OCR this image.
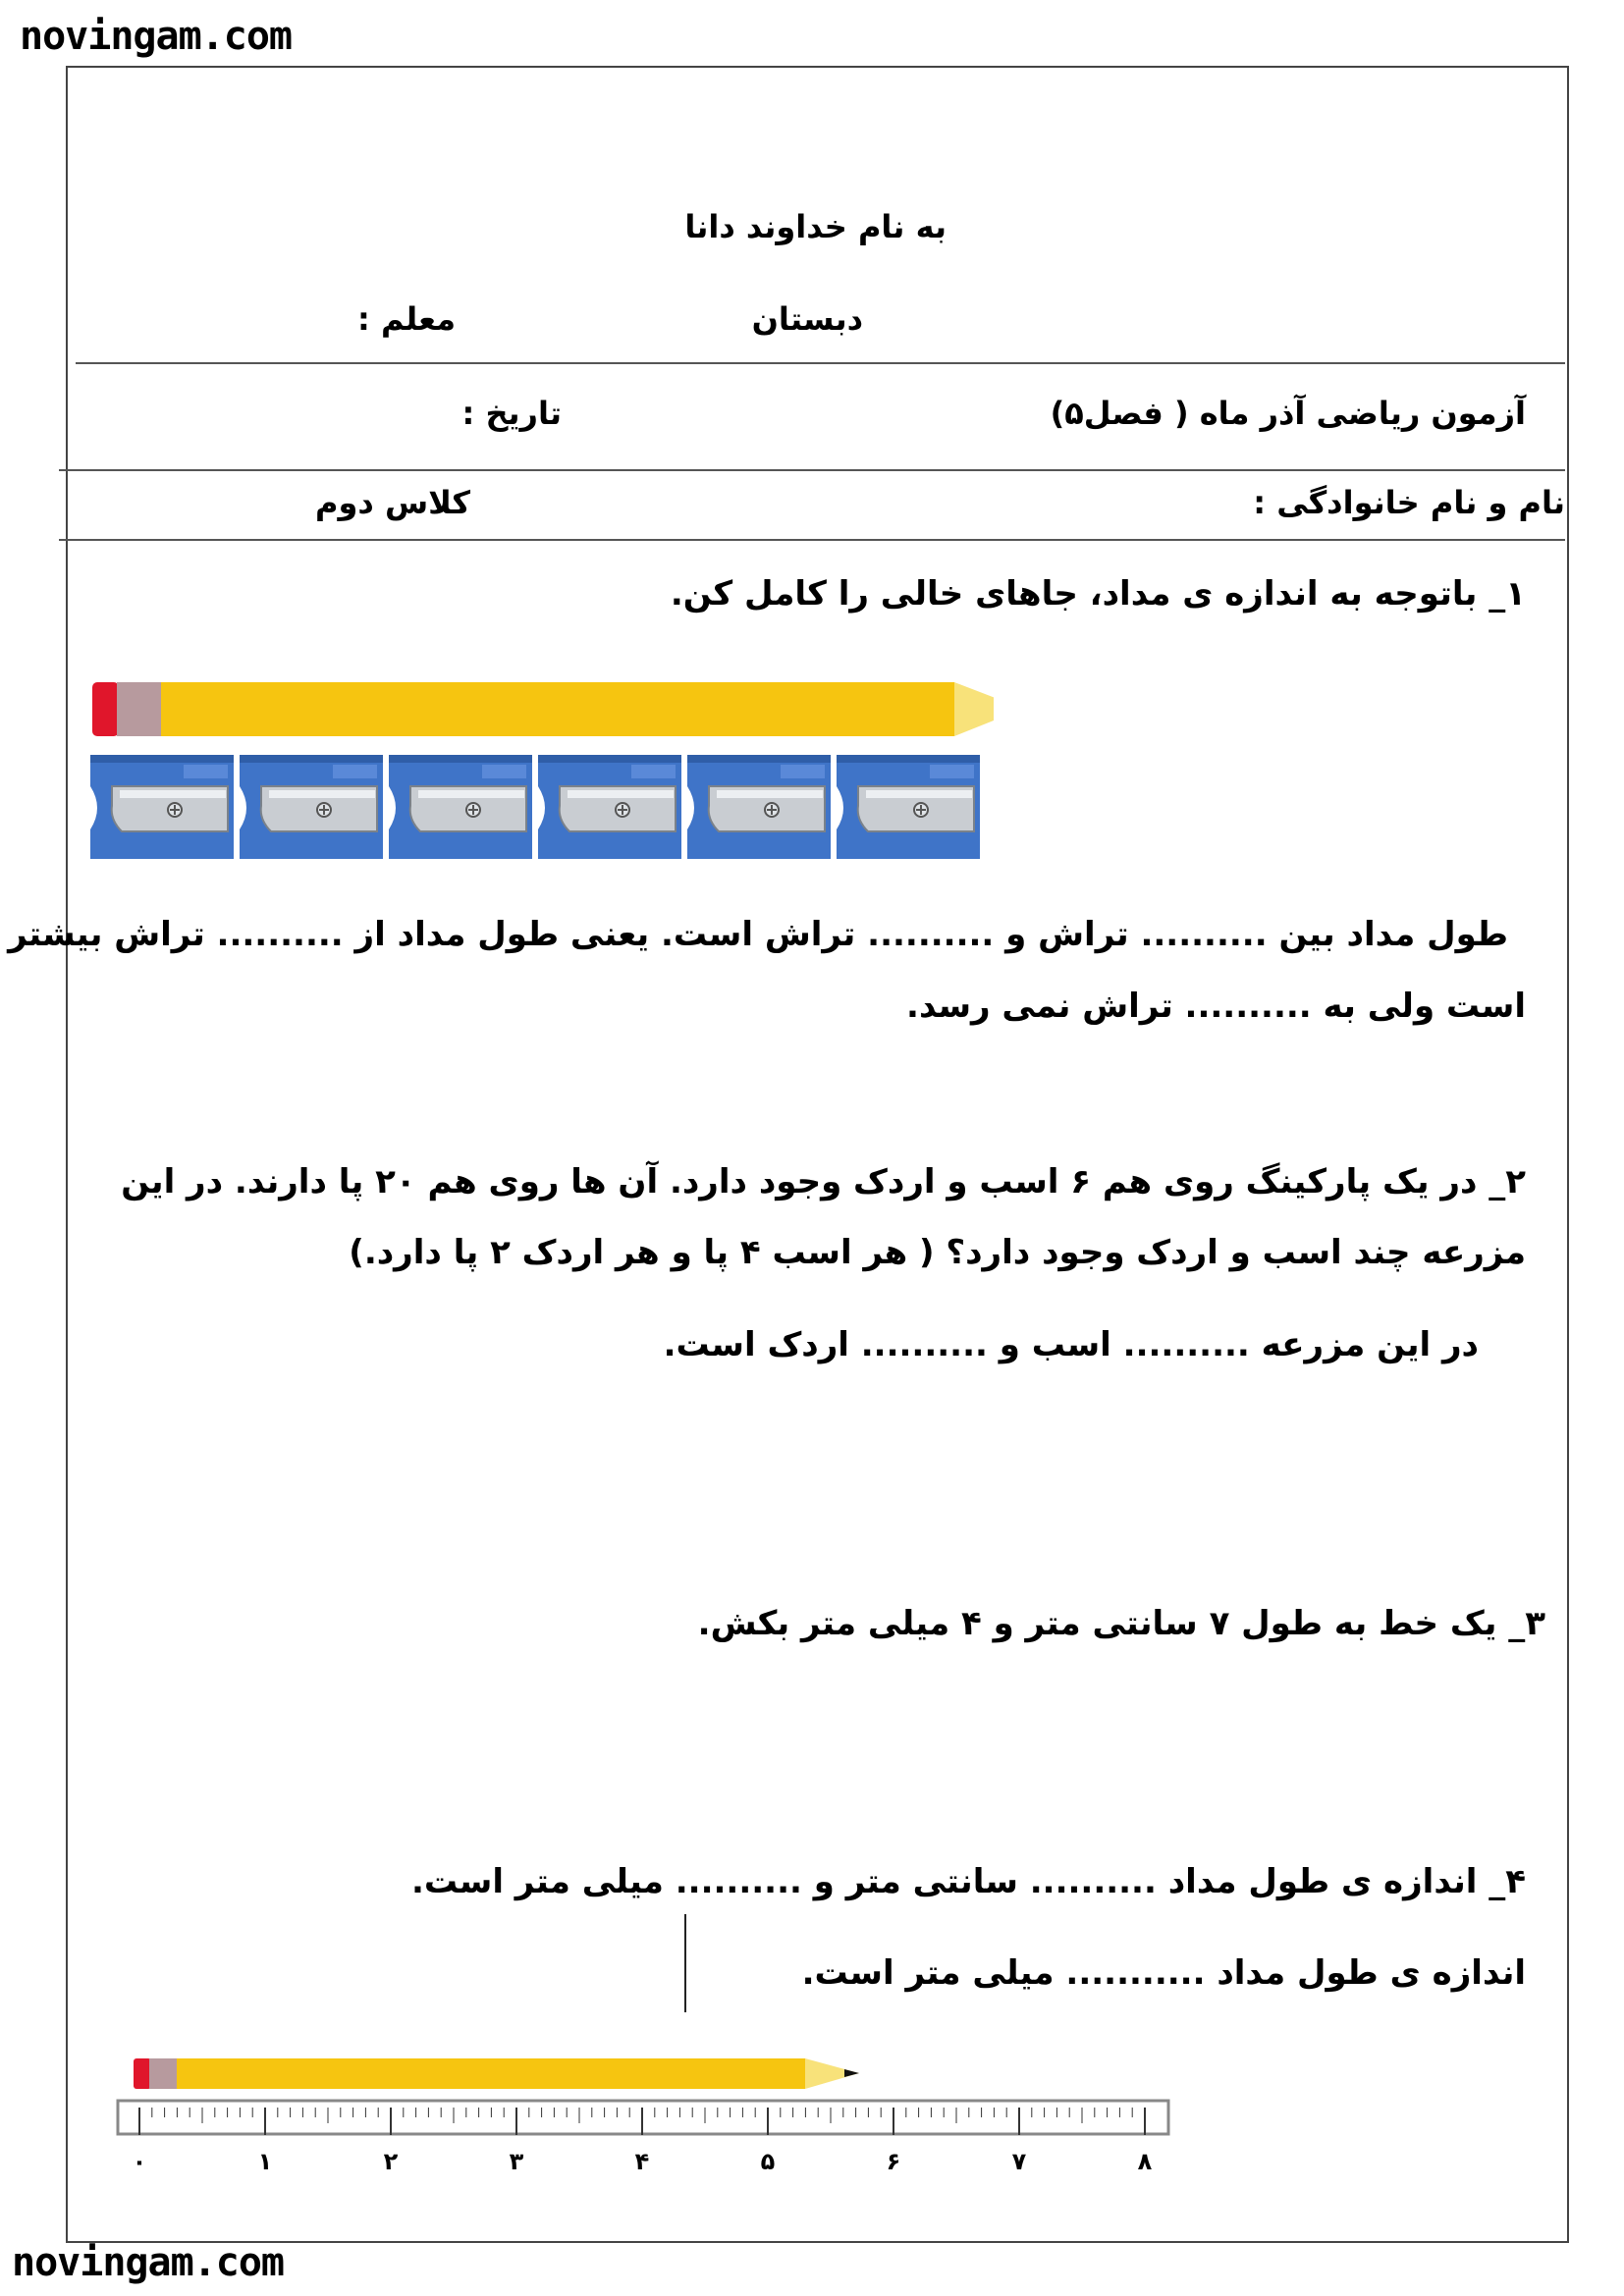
novingam.com
novingam.com
به نام خداوند دانا
دبستان
معلم :
آزمون ریاضی آذر ماه ( فصل۵)
تاریخ :
نام و نام خانوادگی :
کلاس دوم
۱_ باتوجه به اندازه ی مداد، جاهای خالی را کامل کن.
طول مداد بین .......... تراش و .......... تراش است. یعنی طول مداد از .......... تراش بیشتر
است ولی به .......... تراش نمی رسد.
۲_ در یک پارکینگ روی هم ۶ اسب و اردک وجود دارد. آن ها روی هم ۲۰ پا دارند. در این
مزرعه چند اسب و اردک وجود دارد؟ ( هر اسب ۴ پا و هر اردک ۲ پا دارد.)
در این مزرعه .......... اسب و .......... اردک است.
۳_ یک خط به طول ۷ سانتی متر و ۴ میلی متر بکش.
۴_ اندازه ی طول مداد .......... سانتی متر و .......... میلی متر است.
اندازه ی طول مداد ........... میلی متر است.
۰	۱	۲	۳	۴	۵	۶	۷	۸
